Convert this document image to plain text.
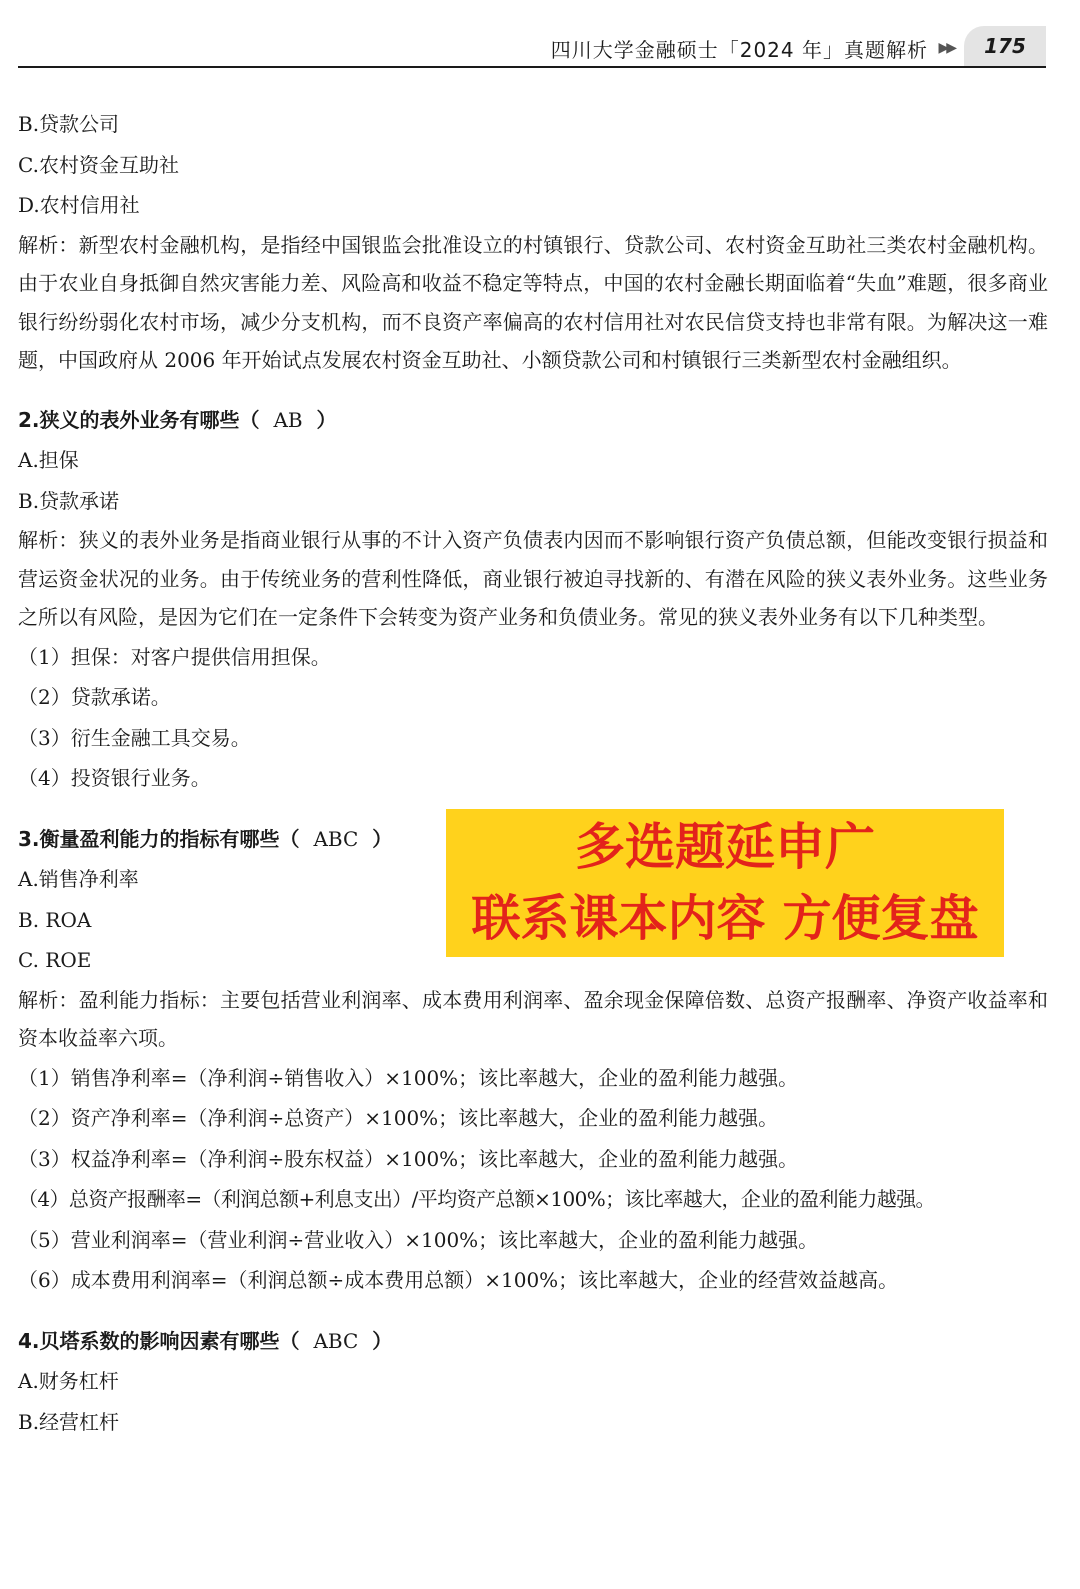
四川大学金融硕士「2024 年」真题解析 ▶▶	175

B.贷款公司

C.农村资金互助社

D.农村信用社

解析：新型农村金融机构，是指经中国银监会批准设立的村镇银行、贷款公司、农村资金互助社三类农村金融机构。由于农业自身抵御自然灾害能力差、风险高和收益不稳定等特点，中国的农村金融长期面临着“失血”难题，很多商业银行纷纷弱化农村市场，减少分支机构，而不良资产率偏高的农村信用社对农民信贷支持也非常有限。为解决这一难题，中国政府从 2006 年开始试点发展农村资金互助社、小额贷款公司和村镇银行三类新型农村金融组织。

2.狭义的表外业务有哪些（ AB ）

A.担保

B.贷款承诺

解析：狭义的表外业务是指商业银行从事的不计入资产负债表内因而不影响银行资产负债总额，但能改变银行损益和营运资金状况的业务。由于传统业务的营利性降低，商业银行被迫寻找新的、有潜在风险的狭义表外业务。这些业务之所以有风险，是因为它们在一定条件下会转变为资产业务和负债业务。常见的狭义表外业务有以下几种类型。

（1）担保：对客户提供信用担保。

（2）贷款承诺。

（3）衍生金融工具交易。

（4）投资银行业务。

3.衡量盈利能力的指标有哪些（ ABC ）

A.销售净利率

B. ROA

C. ROE

解析：盈利能力指标：主要包括营业利润率、成本费用利润率、盈余现金保障倍数、总资产报酬率、净资产收益率和资本收益率六项。

（1）销售净利率=（净利润÷销售收入）×100%；该比率越大，企业的盈利能力越强。

（2）资产净利率=（净利润÷总资产）×100%；该比率越大，企业的盈利能力越强。

（3）权益净利率=（净利润÷股东权益）×100%；该比率越大，企业的盈利能力越强。

（4）总资产报酬率=（利润总额+利息支出）/平均资产总额×100%；该比率越大，企业的盈利能力越强。

（5）营业利润率=（营业利润÷营业收入）×100%；该比率越大，企业的盈利能力越强。

（6）成本费用利润率=（利润总额÷成本费用总额）×100%；该比率越大，企业的经营效益越高。

4.贝塔系数的影响因素有哪些（ ABC ）

A.财务杠杆

B.经营杠杆

多选题延申广
联系课本内容 方便复盘
